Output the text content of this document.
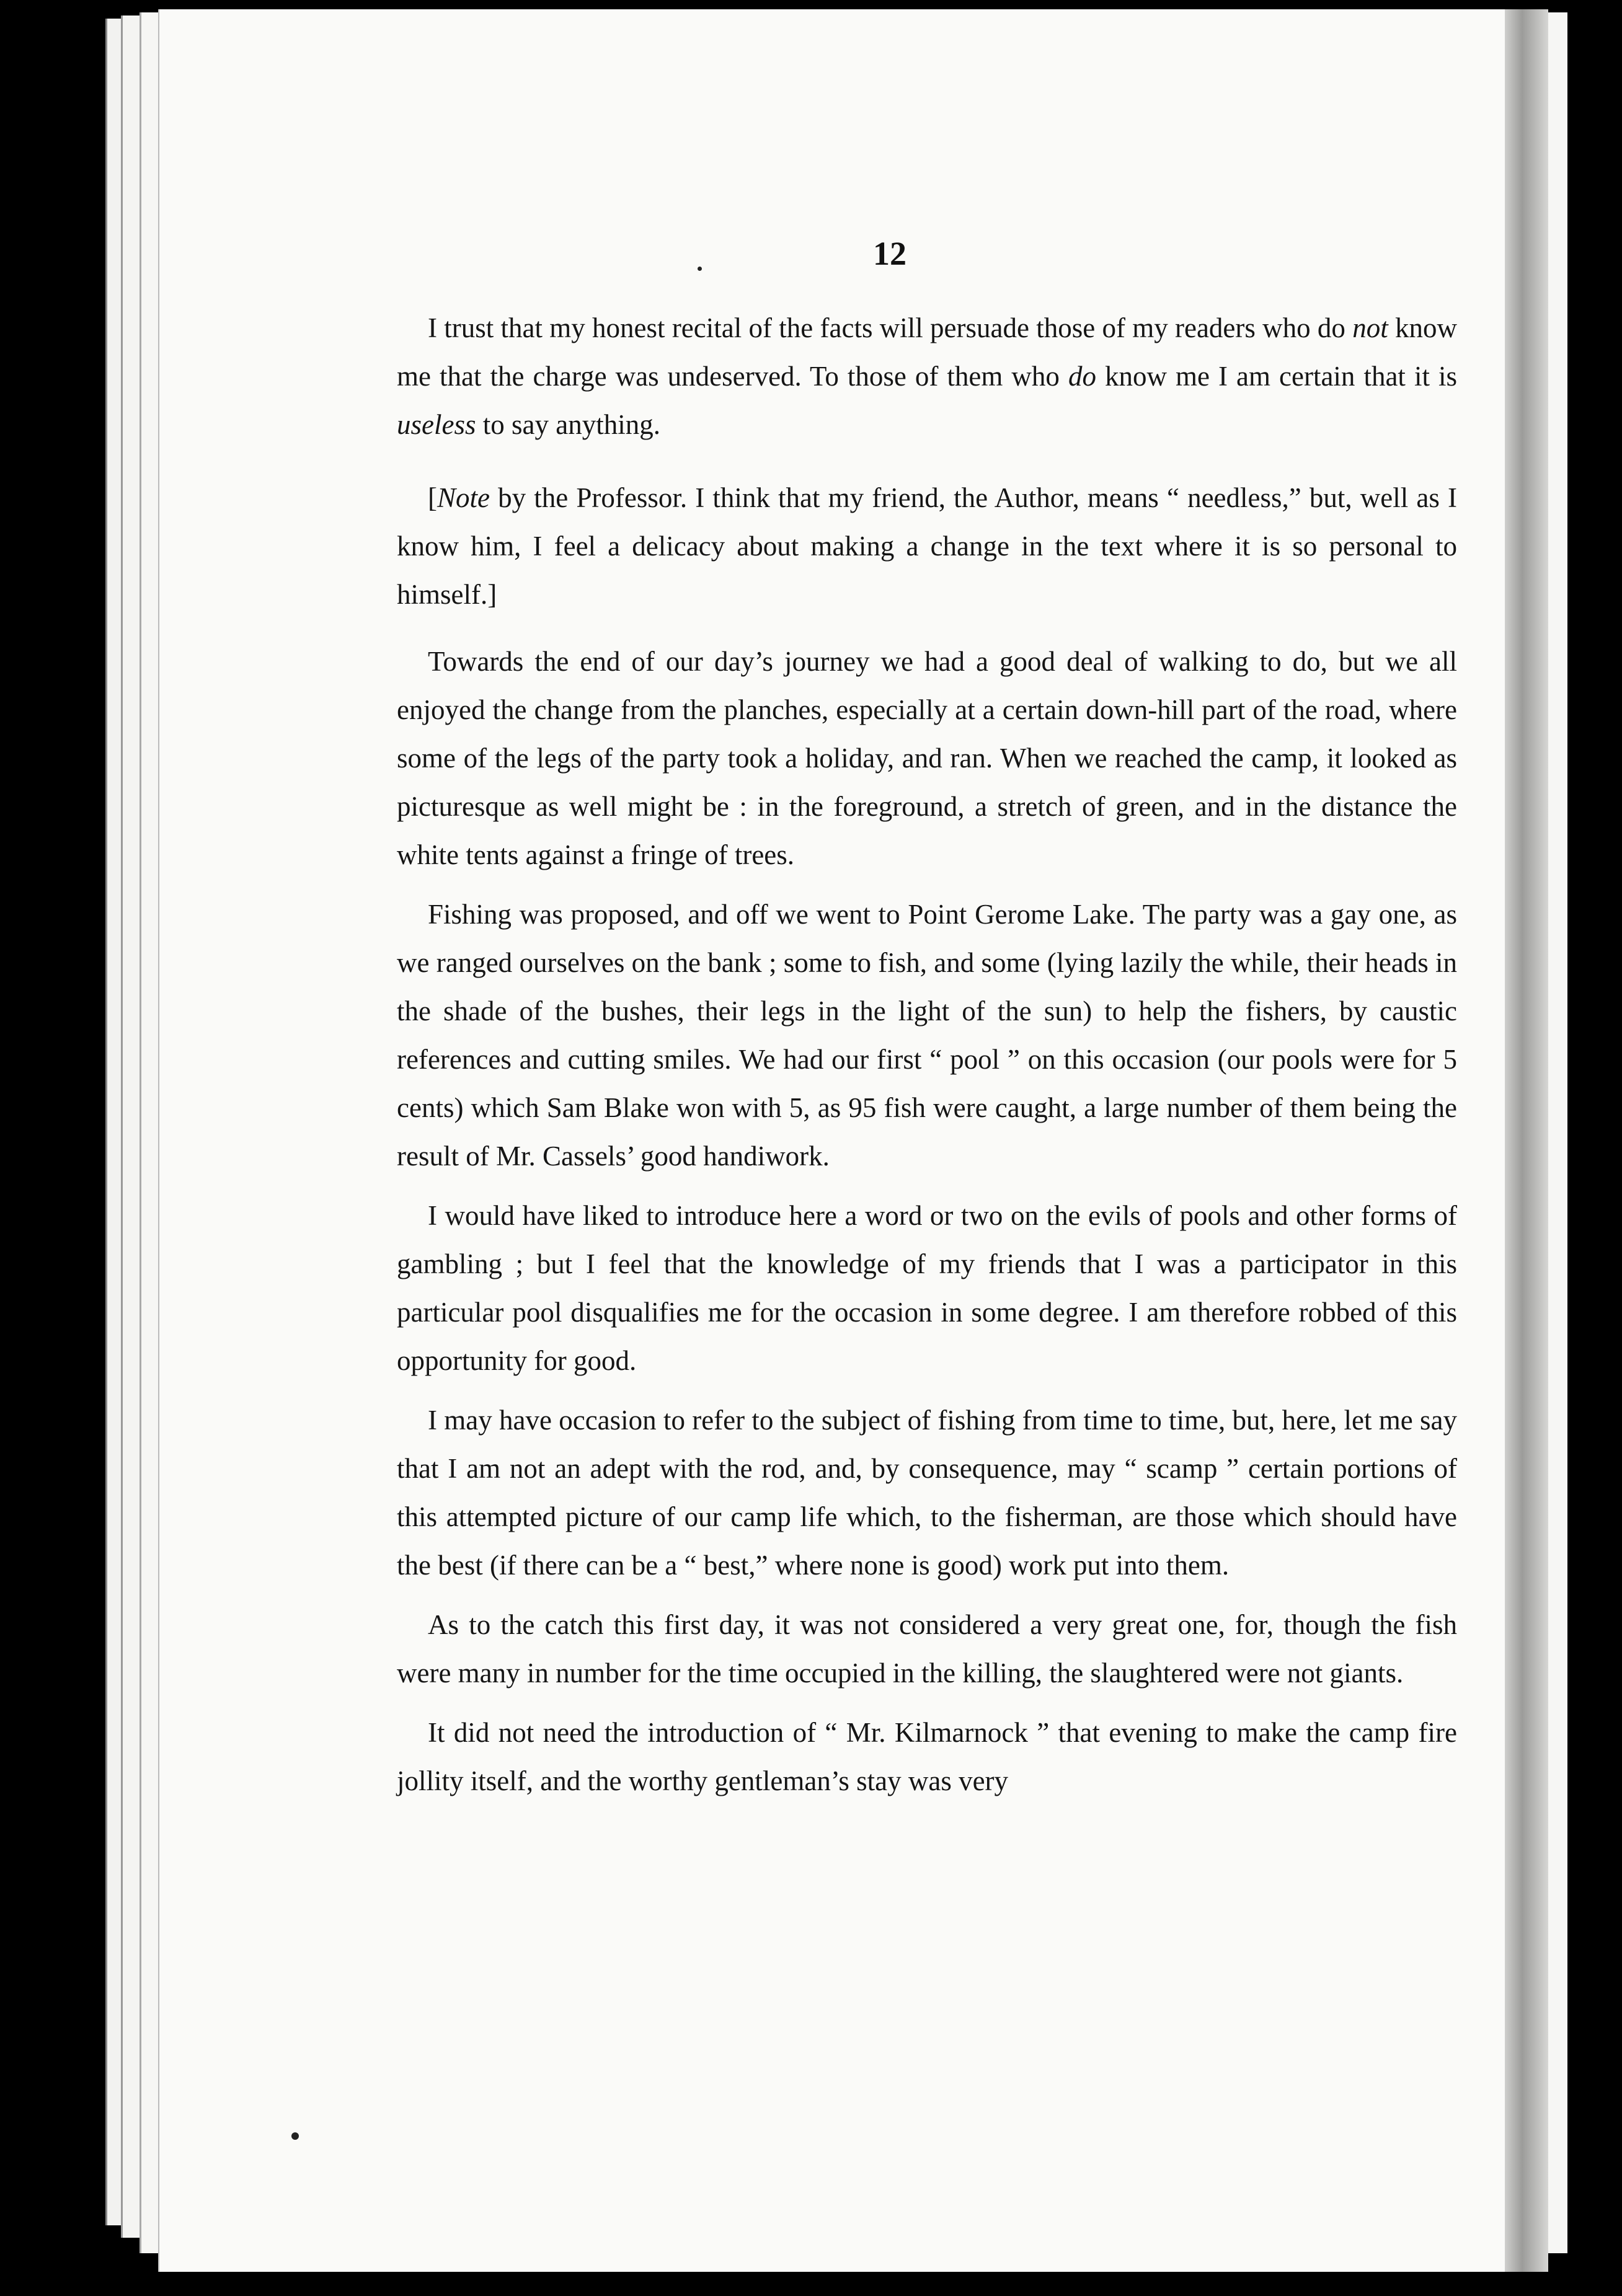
12

I trust that my honest recital of the facts will persuade those of my readers who do not know me that the charge was undeserved. To those of them who do know me I am certain that it is useless to say anything.

[Note by the Professor. I think that my friend, the Author, means “ needless,” but, well as I know him, I feel a delicacy about making a change in the text where it is so personal to himself.]

Towards the end of our day’s journey we had a good deal of walking to do, but we all enjoyed the change from the planches, especially at a certain down-hill part of the road, where some of the legs of the party took a holiday, and ran. When we reached the camp, it looked as picturesque as well might be : in the foreground, a stretch of green, and in the distance the white tents against a fringe of trees.

Fishing was proposed, and off we went to Point Gerome Lake. The party was a gay one, as we ranged ourselves on the bank ; some to fish, and some (lying lazily the while, their heads in the shade of the bushes, their legs in the light of the sun) to help the fishers, by caustic references and cutting smiles. We had our first “ pool ” on this occasion (our pools were for 5 cents) which Sam Blake won with 5, as 95 fish were caught, a large number of them being the result of Mr. Cassels’ good handiwork.

I would have liked to introduce here a word or two on the evils of pools and other forms of gambling ; but I feel that the knowledge of my friends that I was a participator in this particular pool disqualifies me for the occasion in some degree. I am therefore robbed of this opportunity for good.

I may have occasion to refer to the subject of fishing from time to time, but, here, let me say that I am not an adept with the rod, and, by consequence, may “ scamp ” certain portions of this attempted picture of our camp life which, to the fisherman, are those which should have the best (if there can be a “ best,” where none is good) work put into them.

As to the catch this first day, it was not considered a very great one, for, though the fish were many in number for the time occupied in the killing, the slaughtered were not giants.

It did not need the introduction of “ Mr. Kilmarnock ” that evening to make the camp fire jollity itself, and the worthy gentleman’s stay was very
